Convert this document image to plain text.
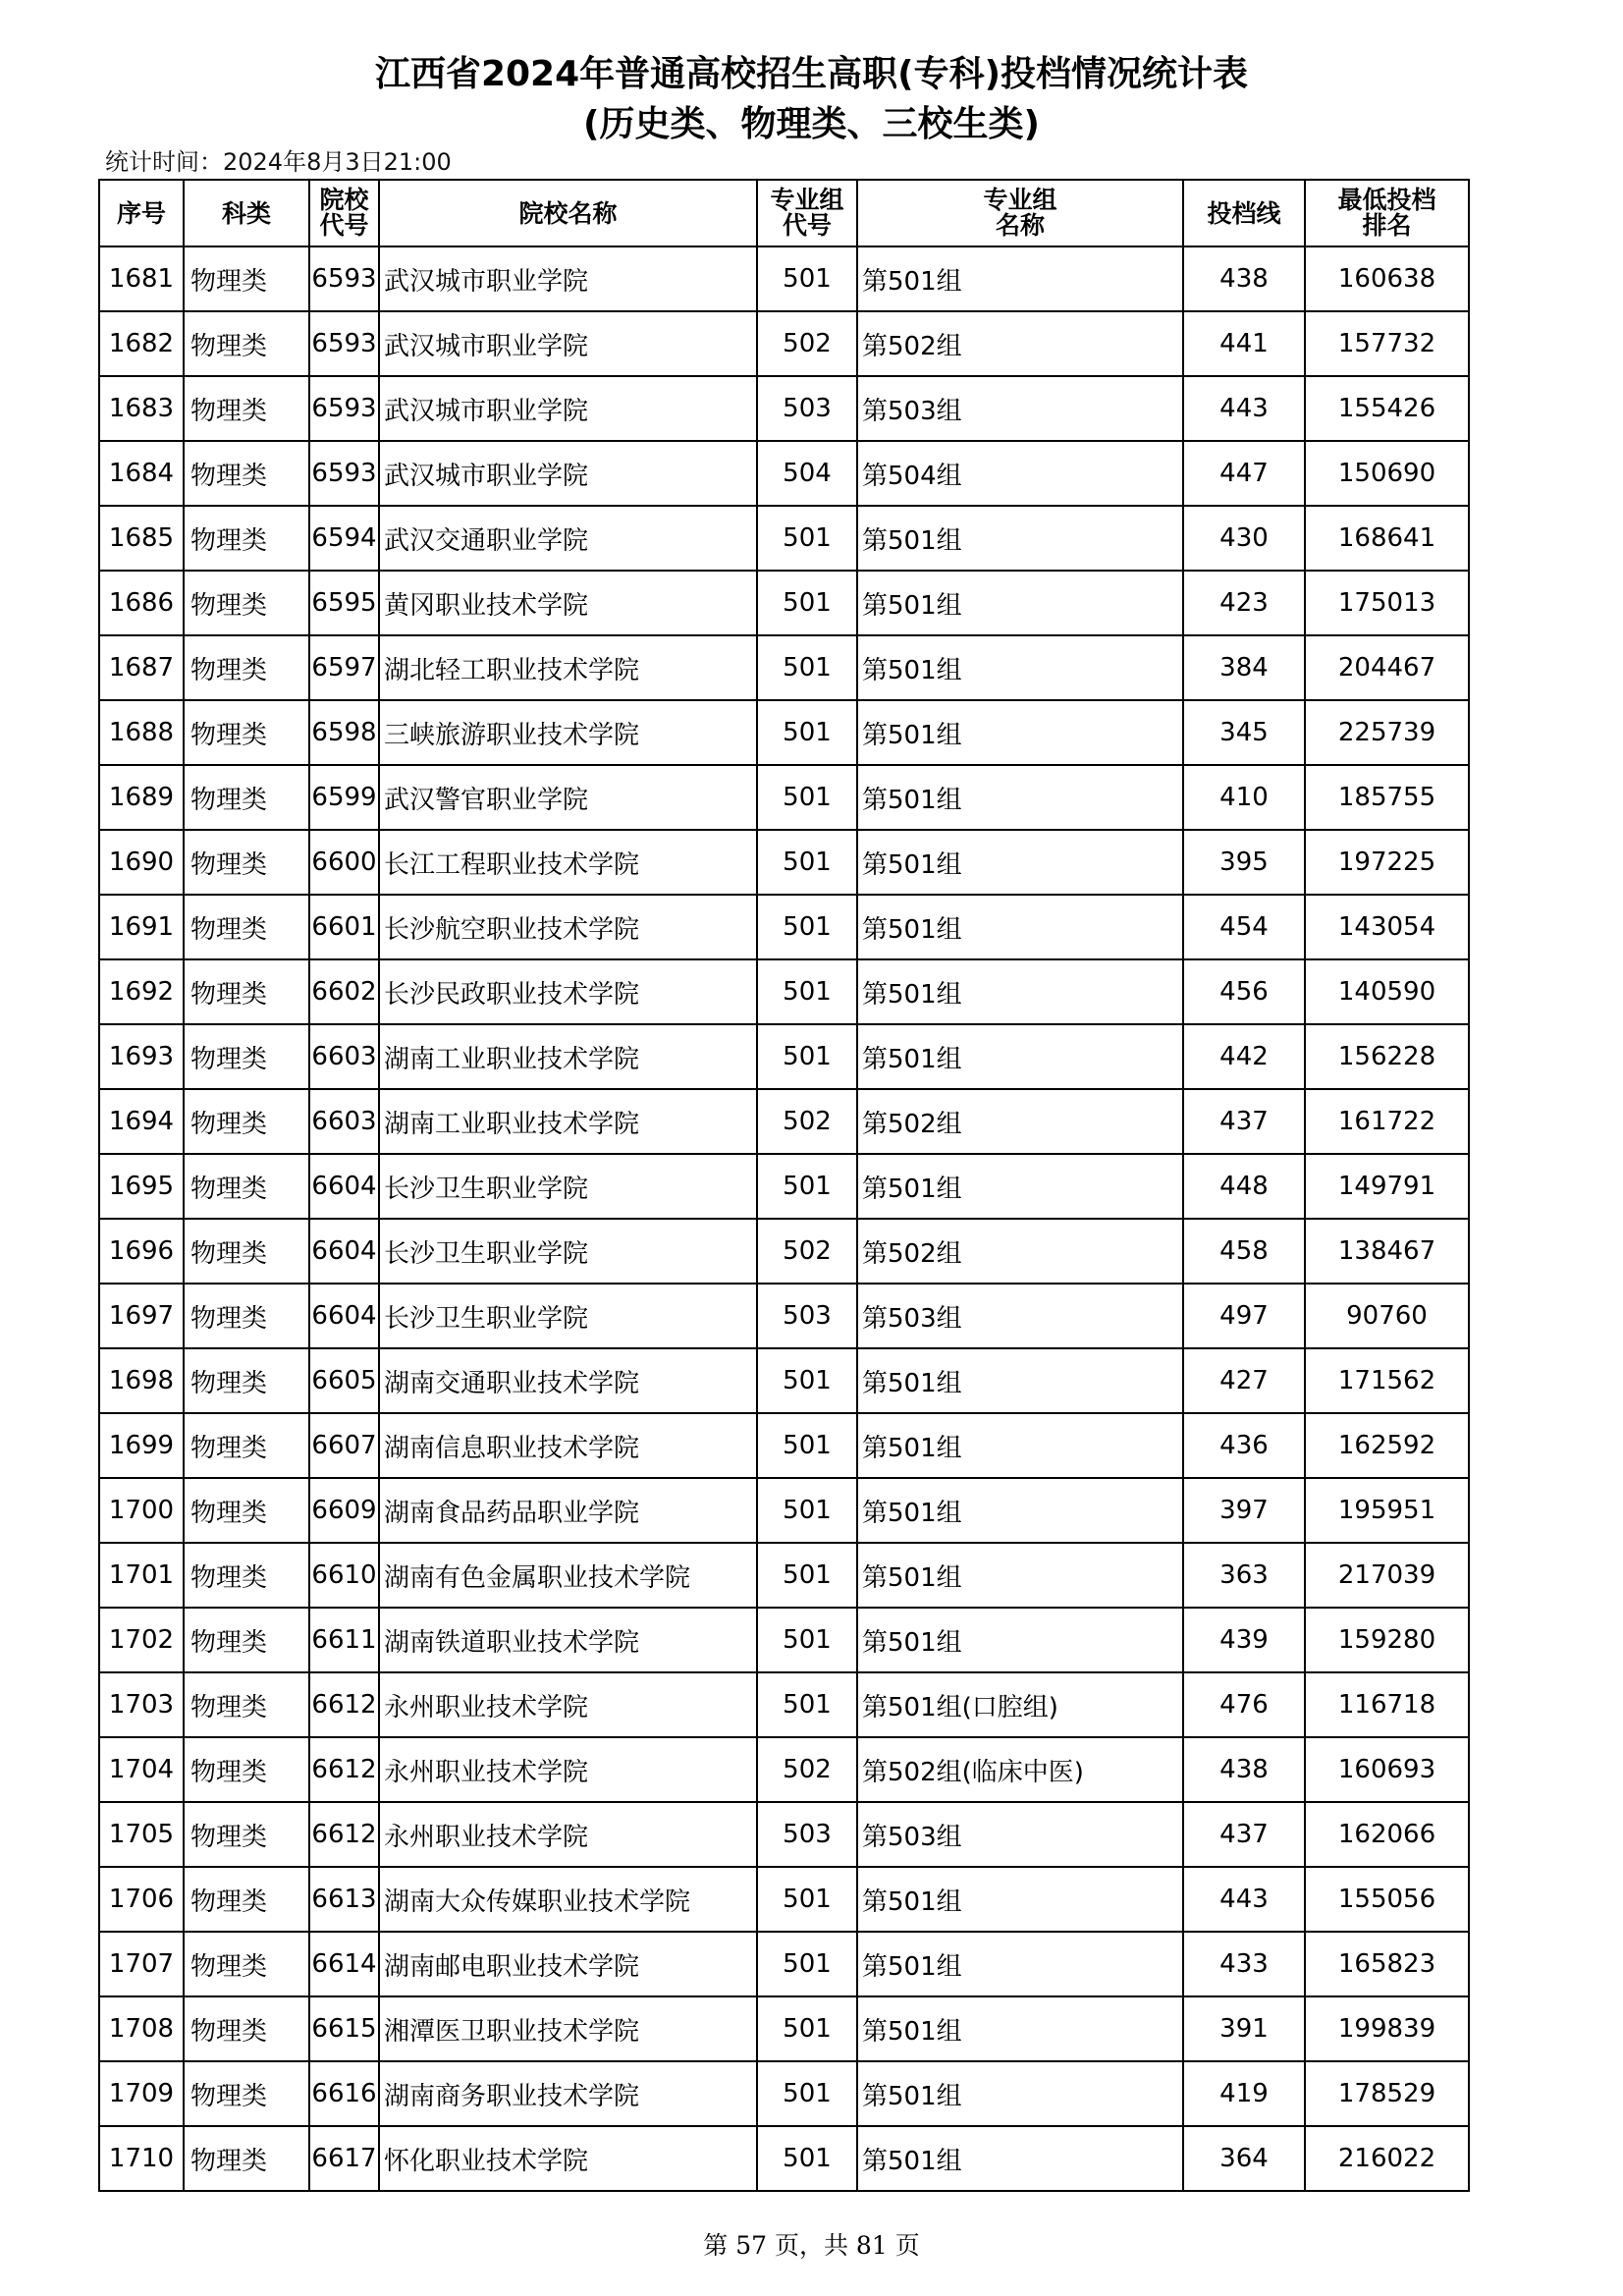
江西省2024年普通高校招生高职(专科)投档情况统计表
(历史类、物理类、三校生类)
统计时间：2024年8月3日21:00
序号	科类	院校代号	院校名称	专业组代号	专业组名称	投档线	最低投档排名
1681	物理类	6593	武汉城市职业学院	501	第501组	438	160638
1682	物理类	6593	武汉城市职业学院	502	第502组	441	157732
1683	物理类	6593	武汉城市职业学院	503	第503组	443	155426
1684	物理类	6593	武汉城市职业学院	504	第504组	447	150690
1685	物理类	6594	武汉交通职业学院	501	第501组	430	168641
1686	物理类	6595	黄冈职业技术学院	501	第501组	423	175013
1687	物理类	6597	湖北轻工职业技术学院	501	第501组	384	204467
1688	物理类	6598	三峡旅游职业技术学院	501	第501组	345	225739
1689	物理类	6599	武汉警官职业学院	501	第501组	410	185755
1690	物理类	6600	长江工程职业技术学院	501	第501组	395	197225
1691	物理类	6601	长沙航空职业技术学院	501	第501组	454	143054
1692	物理类	6602	长沙民政职业技术学院	501	第501组	456	140590
1693	物理类	6603	湖南工业职业技术学院	501	第501组	442	156228
1694	物理类	6603	湖南工业职业技术学院	502	第502组	437	161722
1695	物理类	6604	长沙卫生职业学院	501	第501组	448	149791
1696	物理类	6604	长沙卫生职业学院	502	第502组	458	138467
1697	物理类	6604	长沙卫生职业学院	503	第503组	497	90760
1698	物理类	6605	湖南交通职业技术学院	501	第501组	427	171562
1699	物理类	6607	湖南信息职业技术学院	501	第501组	436	162592
1700	物理类	6609	湖南食品药品职业学院	501	第501组	397	195951
1701	物理类	6610	湖南有色金属职业技术学院	501	第501组	363	217039
1702	物理类	6611	湖南铁道职业技术学院	501	第501组	439	159280
1703	物理类	6612	永州职业技术学院	501	第501组(口腔组)	476	116718
1704	物理类	6612	永州职业技术学院	502	第502组(临床中医)	438	160693
1705	物理类	6612	永州职业技术学院	503	第503组	437	162066
1706	物理类	6613	湖南大众传媒职业技术学院	501	第501组	443	155056
1707	物理类	6614	湖南邮电职业技术学院	501	第501组	433	165823
1708	物理类	6615	湘潭医卫职业技术学院	501	第501组	391	199839
1709	物理类	6616	湖南商务职业技术学院	501	第501组	419	178529
1710	物理类	6617	怀化职业技术学院	501	第501组	364	216022
第 57 页，共 81 页
